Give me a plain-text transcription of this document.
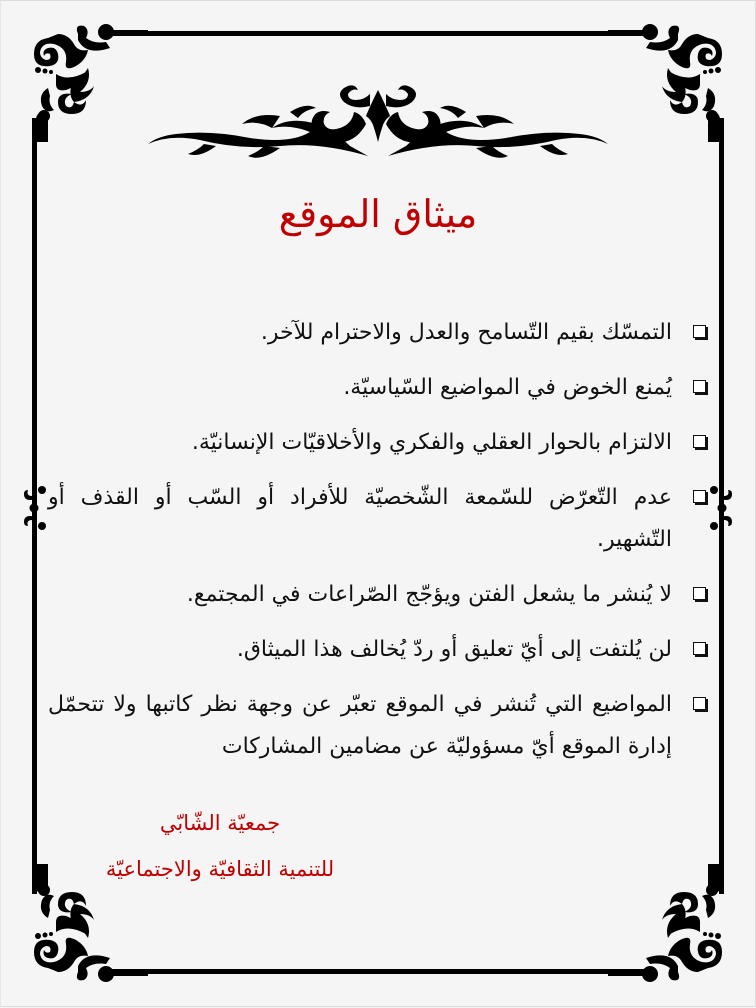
ميثاق الموقع
التمسّك بقيم التّسامح والعدل والاحترام للآخر.
يُمنع الخوض في المواضيع السّياسيّة.
الالتزام بالحوار العقلي والفكري والأخلاقيّات الإنسانيّة.
عدم التّعرّض للسّمعة الشّخصيّة للأفراد أو السّب أو القذف أو التّشهير.
لا يُنشر ما يشعل الفتن ويؤجّج الصّراعات في المجتمع.
لن يُلتفت إلى أيّ تعليق أو ردّ يُخالف هذا الميثاق.
المواضيع التي تُنشر في الموقع تعبّر عن وجهة نظر كاتبها ولا تتحمّل إدارة الموقع أيّ مسؤوليّة عن مضامين المشاركات
جمعيّة الشّابّي
للتنمية الثقافيّة والاجتماعيّة
